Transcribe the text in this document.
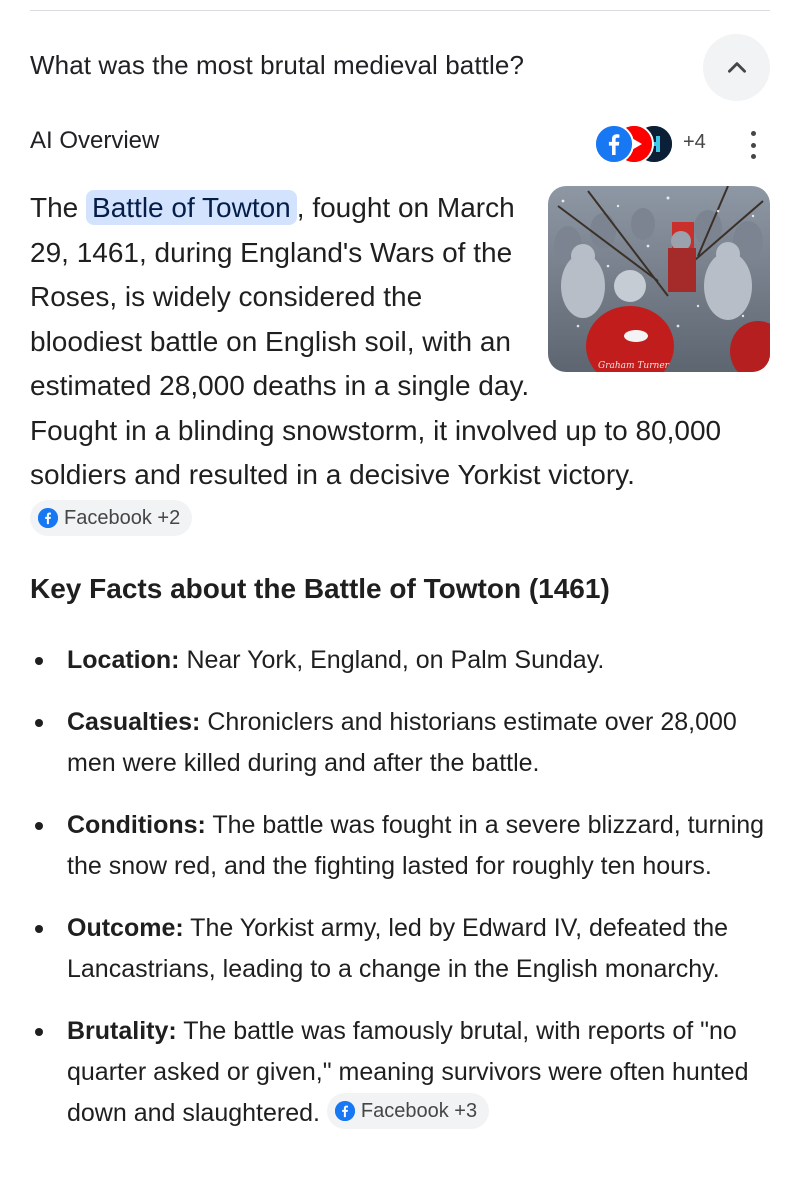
What was the most brutal medieval battle?
AI Overview	+4
Graham Turner
The Battle of Towton , fought on March 29, 1461, during England's Wars of the Roses, is widely considered the bloodiest battle on English soil, with an estimated 28,000 deaths in a single day. Fought in a blinding snowstorm, it involved up to 80,000 soldiers and resulted in a decisive Yorkist victory.
Facebook +2
Key Facts about the Battle of Towton (1461)
Location: Near York, England, on Palm Sunday.
Casualties: Chroniclers and historians estimate over 28,000 men were killed during and after the battle.
Conditions: The battle was fought in a severe blizzard, turning the snow red, and the fighting lasted for roughly ten hours.
Outcome: The Yorkist army, led by Edward IV, defeated the Lancastrians, leading to a change in the English monarchy.
Brutality: The battle was famously brutal, with reports of "no quarter asked or given," meaning survivors were often hunted down and slaughtered. Facebook +3
